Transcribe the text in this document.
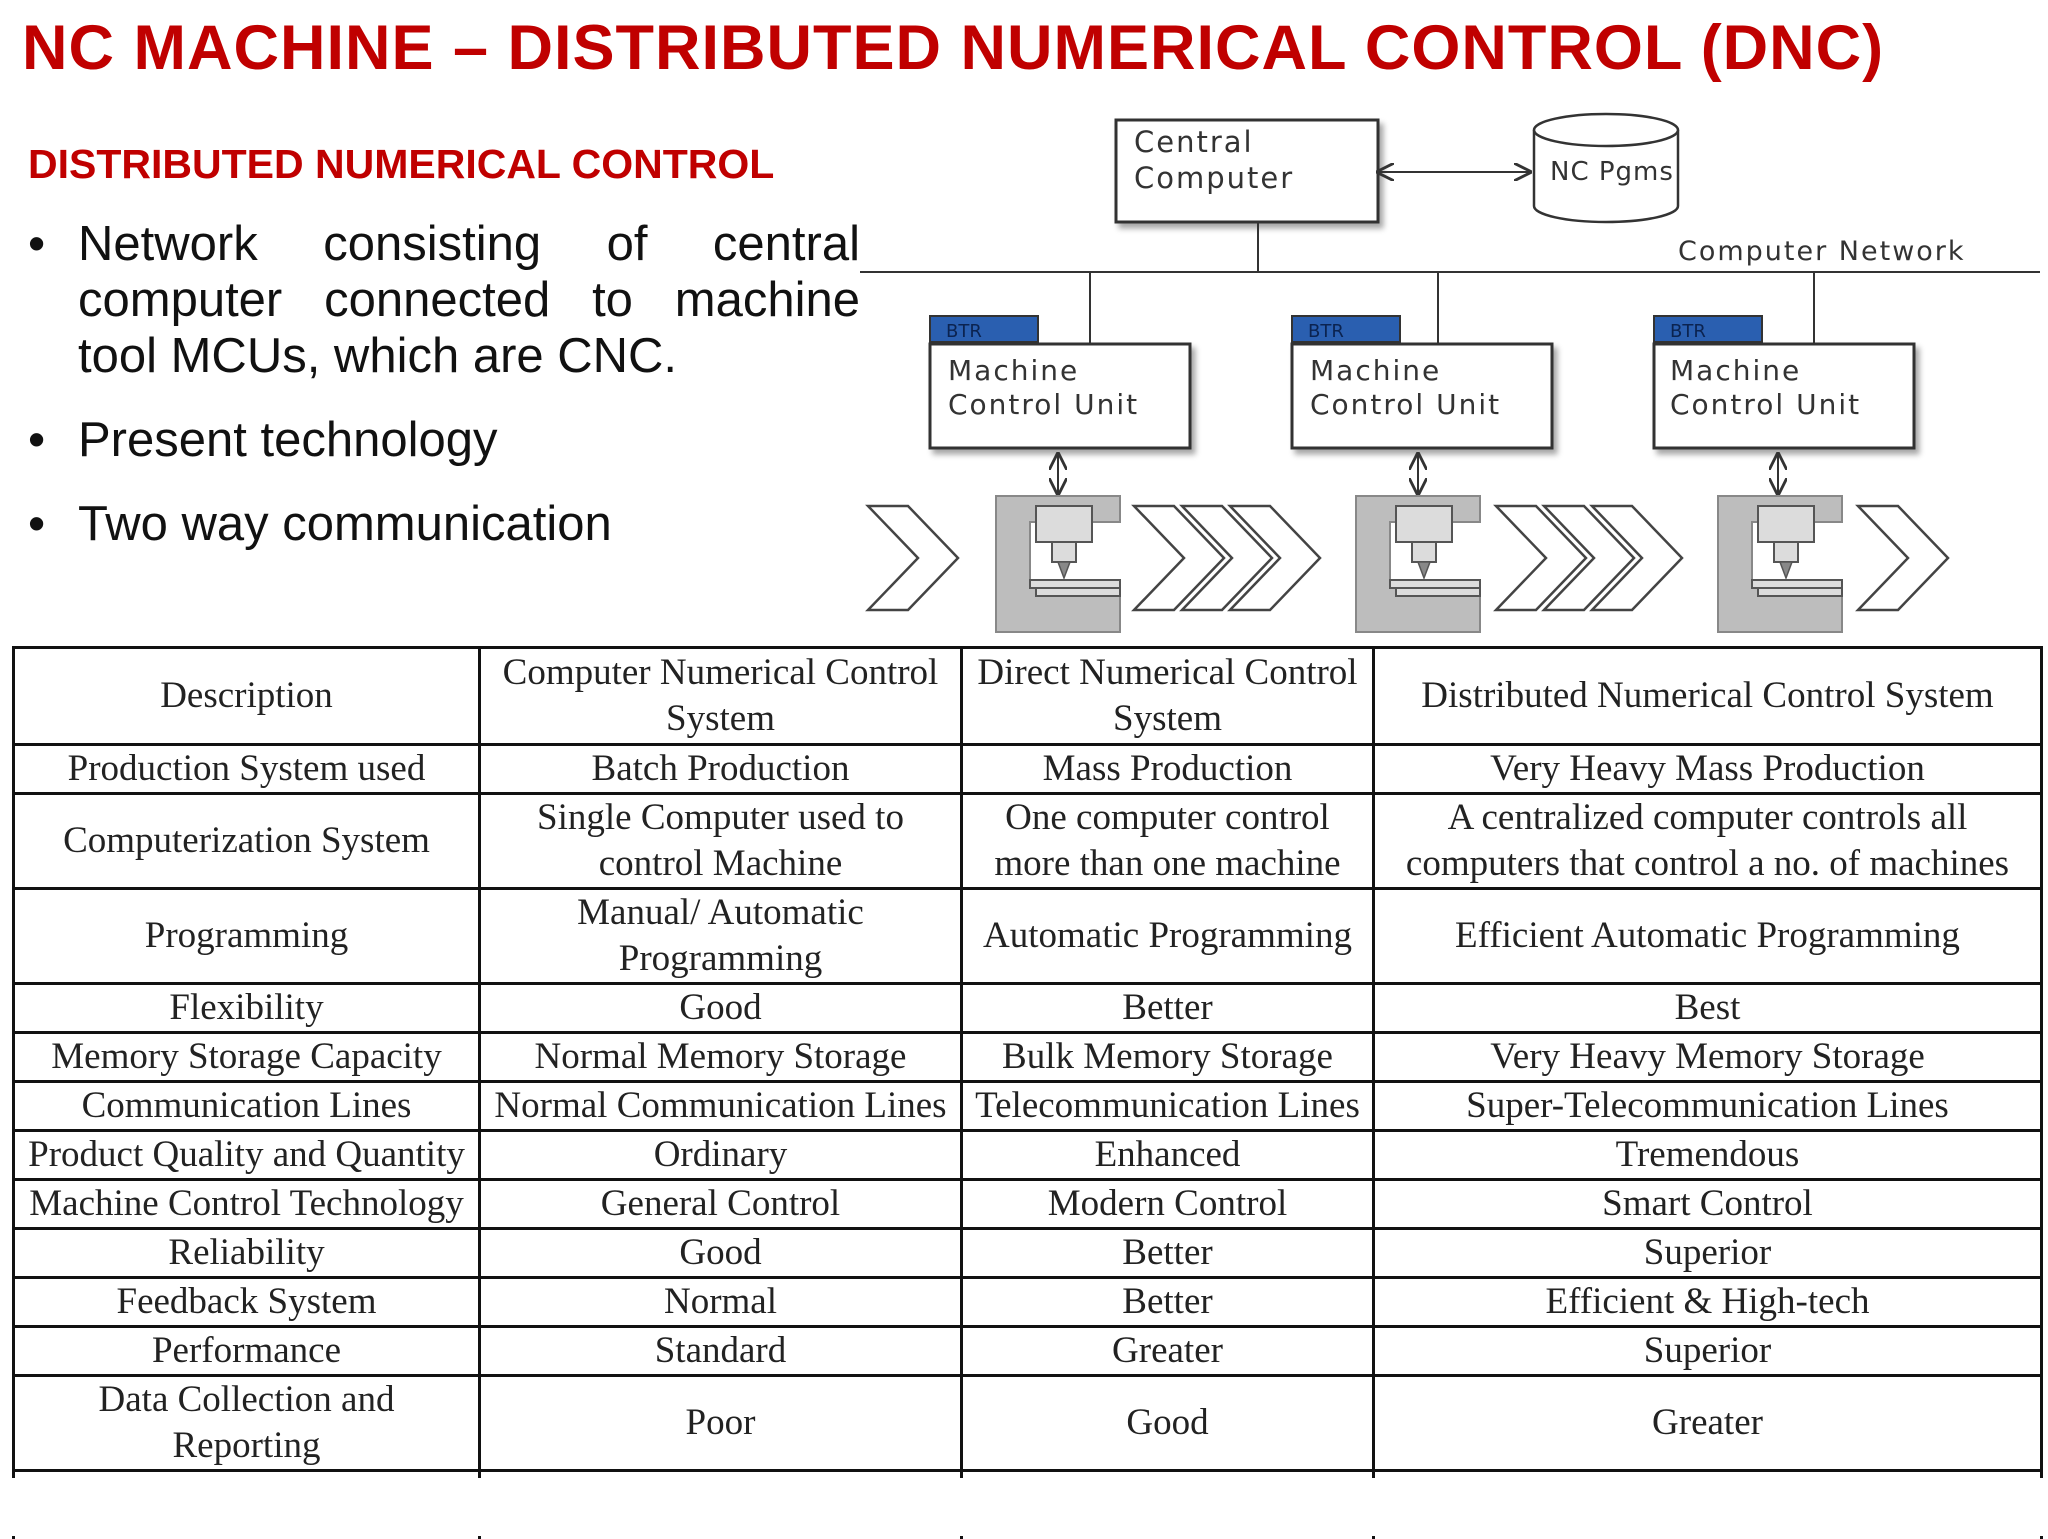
NC MACHINE – DISTRIBUTED NUMERICAL CONTROL (DNC)
DISTRIBUTED NUMERICAL CONTROL
• Network consisting of central computer connected to machine tool MCUs, which are CNC.
• Present technology
• Two way communication
Central
Computer	NC Pgms
Computer Network
BTR
Machine
Control Unit
BTR
Machine
Control Unit
BTR
Machine
Control Unit
Description	Computer Numerical Control System	Direct Numerical Control System	Distributed Numerical Control System
Production System used	Batch Production	Mass Production	Very Heavy Mass Production
Computerization System	Single Computer used to control Machine	One computer control more than one machine	A centralized computer controls all computers that control a no. of machines
Programming	Manual/ Automatic Programming	Automatic Programming	Efficient Automatic Programming
Flexibility	Good	Better	Best
Memory Storage Capacity	Normal Memory Storage	Bulk Memory Storage	Very Heavy Memory Storage
Communication Lines	Normal Communication Lines	Telecommunication Lines	Super-Telecommunication Lines
Product Quality and Quantity	Ordinary	Enhanced	Tremendous
Machine Control Technology	General Control	Modern Control	Smart Control
Reliability	Good	Better	Superior
Feedback System	Normal	Better	Efficient & High-tech
Performance	Standard	Greater	Superior
Data Collection and Reporting	Poor	Good	Greater
